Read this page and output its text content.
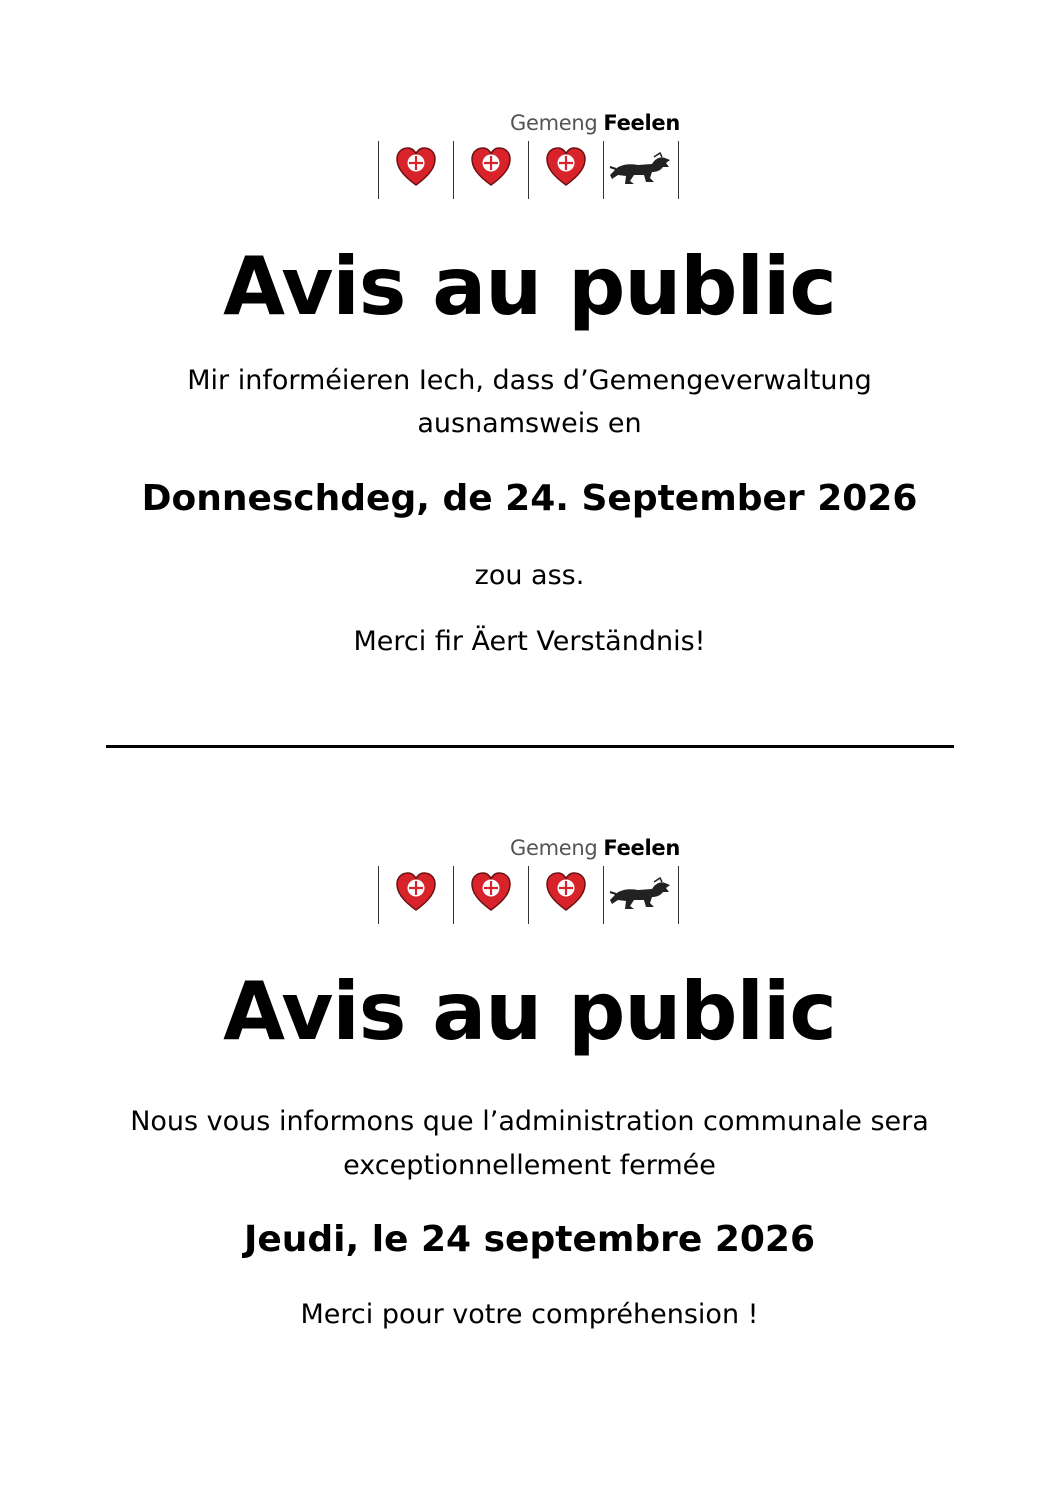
Gemeng Feelen
Avis au public
Mir informéieren Iech, dass d’Gemengeverwaltung
ausnamsweis en
Donneschdeg, de 24. September 2026
zou ass.
Merci fir Äert Verständnis!
Gemeng Feelen
Avis au public
Nous vous informons que l’administration communale sera
exceptionnellement fermée
Jeudi, le 24 septembre 2026
Merci pour votre compréhension !
